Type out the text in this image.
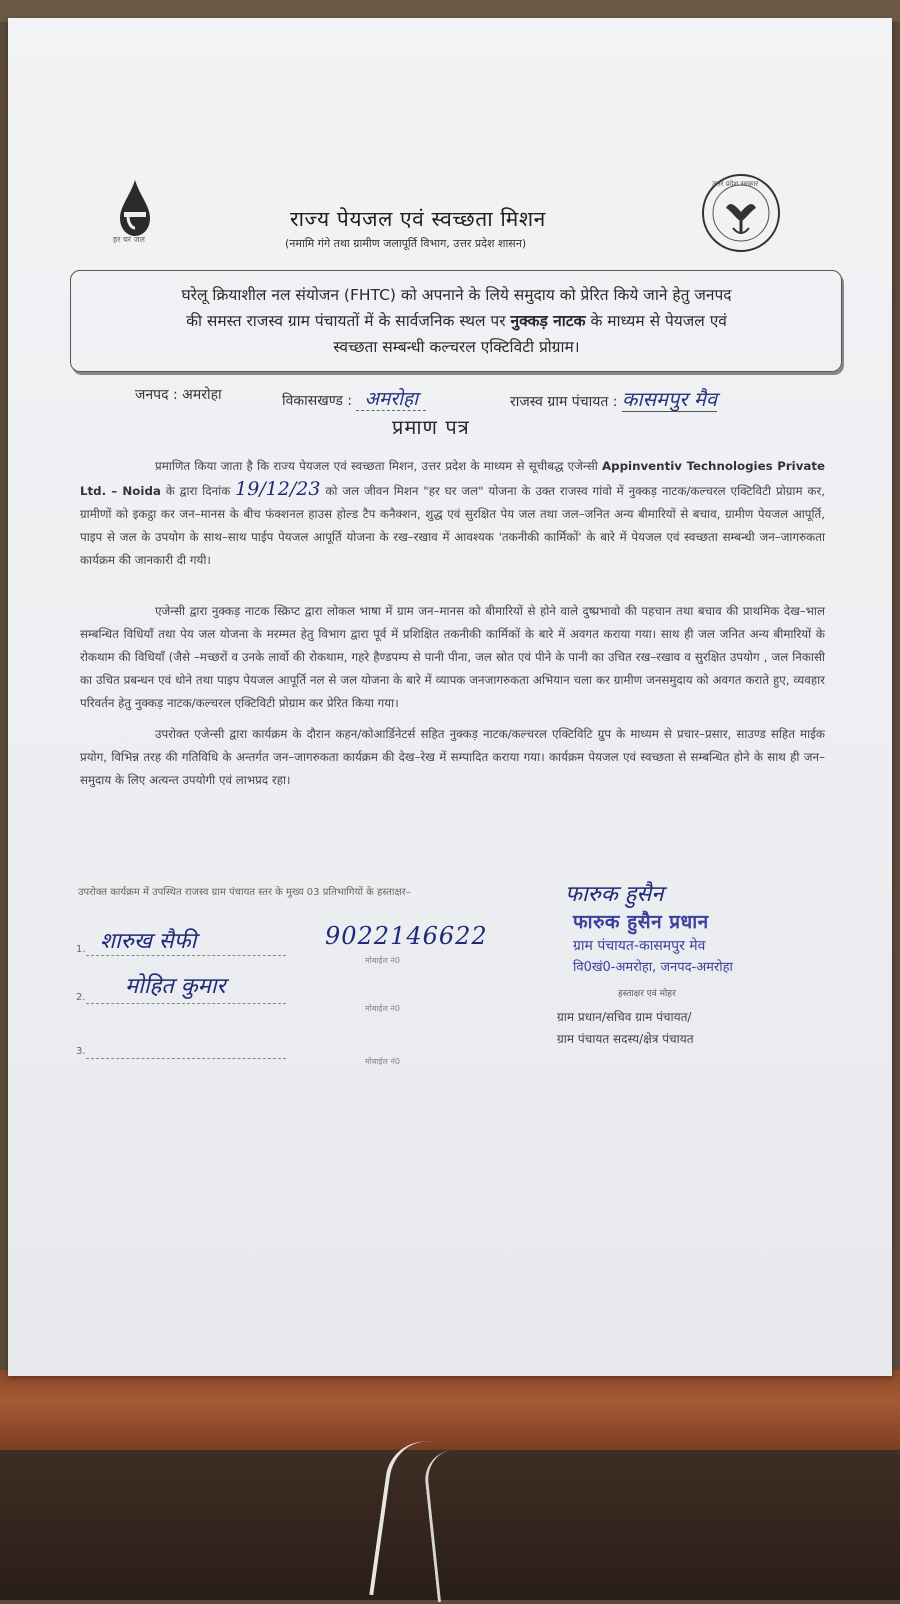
हर घर जल
उत्तर प्रदेश सरकार
राज्य पेयजल एवं स्वच्छता मिशन
(नमामि गंगे तथा ग्रामीण जलापूर्ति विभाग, उत्तर प्रदेश शासन)
घरेलू क्रियाशील नल संयोजन (FHTC) को अपनाने के लिये समुदाय को प्रेरित किये जाने हेतु जनपद
की समस्त राजस्व ग्राम पंचायतों में के सार्वजनिक स्थल पर नुक्कड़ नाटक के माध्यम से पेयजल एवं
स्वच्छता सम्बन्धी कल्चरल एक्टिविटी प्रोग्राम।
जनपद : अमरोहा	विकासखण्ड : अमरोहा	राजस्व ग्राम पंचायत : कासमपुर मैव
प्रमाण पत्र
प्रमाणित किया जाता है कि राज्य पेयजल एवं स्वच्छता मिशन, उत्तर प्रदेश के माध्यम से सूचीबद्ध एजेन्सी Appinventiv Technologies Private Ltd. – Noida के द्वारा दिनांक 19/12/23 को जल जीवन मिशन "हर घर जल" योजना के उक्त राजस्व गांवो में नुक्कड़ नाटक/कल्चरल एक्टिविटी प्रोग्राम कर, ग्रामीणों को इकट्ठा कर जन–मानस के बीच फंक्शनल हाउस होल्ड टैप कनैक्शन, शुद्ध एवं सुरक्षित पेय जल तथा जल–जनित अन्य बीमारियों से बचाव, ग्रामीण पेयजल आपूर्ति, पाइप से जल के उपयोग के साथ–साथ पाईप पेयजल आपूर्ति योजना के रख–रखाव में आवश्यक 'तकनीकी कार्मिकों' के बारे में पेयजल एवं स्वच्छता सम्बन्धी जन–जागरुकता कार्यक्रम की जानकारी दी गयी।
एजेन्सी द्वारा नुक्कड़ नाटक स्क्रिप्ट द्वारा लोकल भाषा में ग्राम जन–मानस को बीमारियों से होने वाले दुष्प्रभावो की पहचान तथा बचाव की प्राथमिक देख–भाल सम्बन्धित विधियाँ तथा पेय जल योजना के मरम्मत हेतु विभाग द्वारा पूर्व में प्रशिक्षित तकनीकी कार्मिकों के बारे में अवगत कराया गया। साथ ही जल जनित अन्य बीमारियों के रोकथाम की विधियाँ (जैसे –मच्छरों व उनके लार्वो की रोकथाम, गहरे हैण्डपम्प से पानी पीना, जल स्रोत एवं पीने के पानी का उचित रख–रखाव व सुरक्षित उपयोग , जल निकासी का उचित प्रबन्धन एवं धोने तथा पाइप पेयजल आपूर्ति नल से जल योजना के बारे में व्यापक जनजागरुकता अभियान चला कर ग्रामीण जनसमुदाय को अवगत कराते हुए, व्यवहार परिवर्तन हेतु नुक्कड़ नाटक/कल्चरल एक्टिविटी प्रोग्राम कर प्रेरित किया गया।
उपरोक्त एजेन्सी द्वारा कार्यक्रम के दौरान कहन/कोआर्डिनेटर्स सहित नुक्कड़ नाटक/कल्चरल एक्टिविटि ग्रुप के माध्यम से प्रचार–प्रसार, साउण्ड सहित माईक प्रयोग, विभिन्न तरह की गतिविधि के अन्तर्गत जन–जागरुकता कार्यक्रम की देख–रेख में सम्पादित कराया गया। कार्यक्रम पेयजल एवं स्वच्छता से सम्बन्धित होने के साथ ही जन–समुदाय के लिए अत्यन्त उपयोगी एवं लाभप्रद रहा।
उपरोक्त कार्यक्रम में उपस्थित राजस्व ग्राम पंचायत स्तर के मुख्य 03 प्रतिभागियों के हस्ताक्षर–
1. शारुख सैफी	9022146622
मोबाईल नं0
2. मोहित कुमार
मोबाईल नं0
3.
मोबाईल नं0
फारुक हुसैन
फारुक हुसैन प्रधान
ग्राम पंचायत-कासमपुर मेव
वि0खं0-अमरोहा, जनपद-अमरोहा
हस्ताक्षर एवं मोहर
ग्राम प्रधान/सचिव ग्राम पंचायत/
ग्राम पंचायत सदस्य/क्षेत्र पंचायत
